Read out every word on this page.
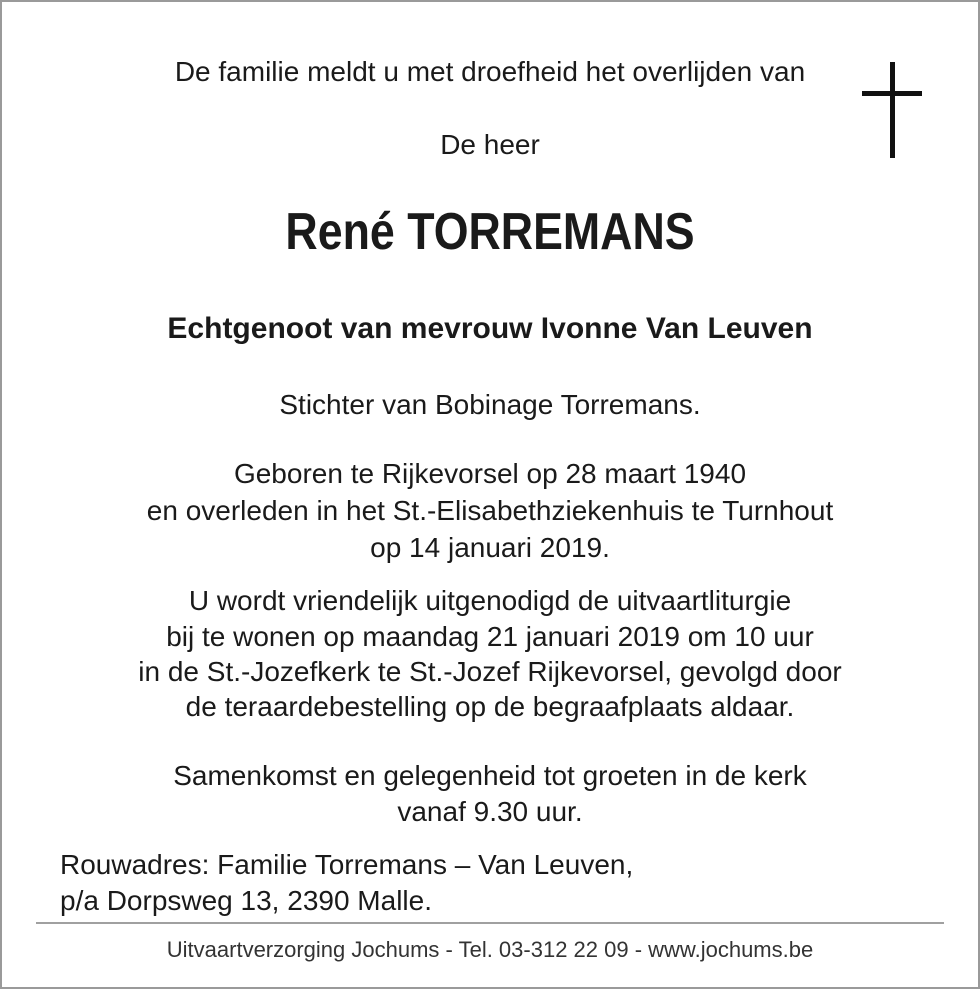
De familie meldt u met droefheid het overlijden van
De heer
René TORREMANS
Echtgenoot van mevrouw Ivonne Van Leuven
Stichter van Bobinage Torremans.
Geboren te Rijkevorsel op 28 maart 1940
en overleden in het St.-Elisabethziekenhuis te Turnhout
op 14 januari 2019.
U wordt vriendelijk uitgenodigd de uitvaartliturgie
bij te wonen op maandag 21 januari 2019 om 10 uur
in de St.-Jozefkerk te St.-Jozef Rijkevorsel, gevolgd door
de teraardebestelling op de begraafplaats aldaar.
Samenkomst en gelegenheid tot groeten in de kerk
vanaf 9.30 uur.
Rouwadres: Familie Torremans – Van Leuven,
p/a Dorpsweg 13, 2390 Malle.
Uitvaartverzorging Jochums - Tel. 03-312 22 09 - www.jochums.be
